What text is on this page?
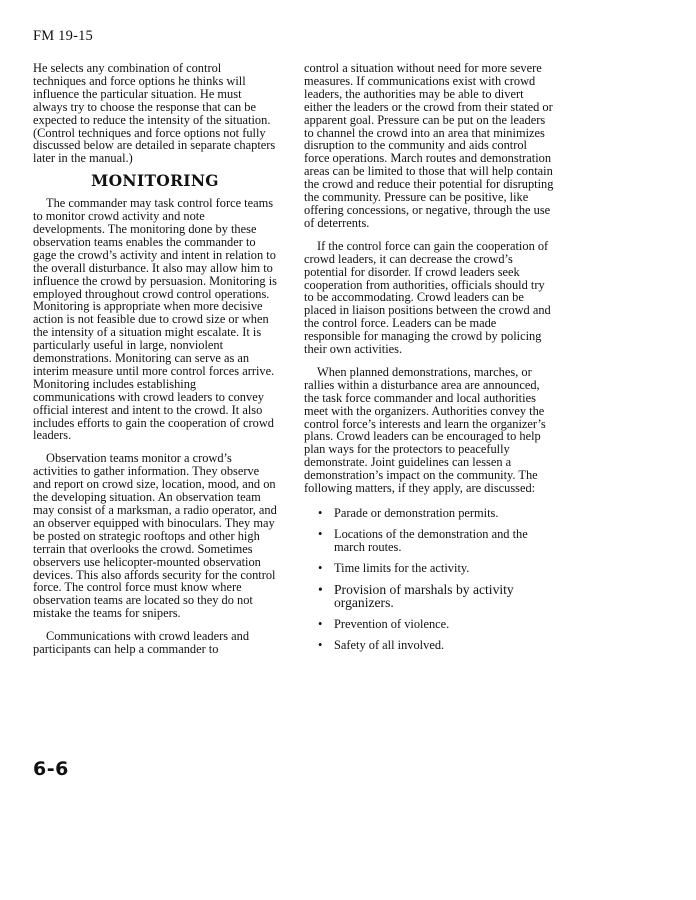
FM 19-15

He selects any combination of control techniques and force options he thinks will influence the particular situation. He must always try to choose the response that can be expected to reduce the intensity of the situation. (Control techniques and force options not fully discussed below are detailed in separate chapters later in the manual.)

MONITORING

The commander may task control force teams to monitor crowd activity and note developments. The monitoring done by these observation teams enables the commander to gage the crowd’s activity and intent in relation to the overall disturbance. It also may allow him to influence the crowd by persuasion. Monitoring is employed throughout crowd control operations. Monitoring is appropriate when more decisive action is not feasible due to crowd size or when the intensity of a situation might escalate. It is particularly useful in large, nonviolent demonstrations. Monitoring can serve as an interim measure until more control forces arrive. Monitoring includes establishing communications with crowd leaders to convey official interest and intent to the crowd. It also includes efforts to gain the cooperation of crowd leaders.

Observation teams monitor a crowd’s activities to gather information. They observe and report on crowd size, location, mood, and on the developing situation. An observation team may consist of a marksman, a radio operator, and an observer equipped with binoculars. They may be posted on strategic rooftops and other high terrain that overlooks the crowd. Sometimes observers use helicopter-mounted observation devices. This also affords security for the control force. The control force must know where observation teams are located so they do not mistake the teams for snipers.

Communications with crowd leaders and participants can help a commander to

control a situation without need for more severe measures. If communications exist with crowd leaders, the authorities may be able to divert either the leaders or the crowd from their stated or apparent goal. Pressure can be put on the leaders to channel the crowd into an area that minimizes disruption to the community and aids control force operations. March routes and demonstration areas can be limited to those that will help contain the crowd and reduce their potential for disrupting the community. Pressure can be positive, like offering concessions, or negative, through the use of deterrents.

If the control force can gain the cooperation of crowd leaders, it can decrease the crowd’s potential for disorder. If crowd leaders seek cooperation from authorities, officials should try to be accommodating. Crowd leaders can be placed in liaison positions between the crowd and the control force. Leaders can be made responsible for managing the crowd by policing their own activities.

When planned demonstrations, marches, or rallies within a disturbance area are announced, the task force commander and local authorities meet with the organizers. Authorities convey the control force’s interests and learn the organizer’s plans. Crowd leaders can be encouraged to help plan ways for the protectors to peacefully demonstrate. Joint guidelines can lessen a demonstration’s impact on the community. The following matters, if they apply, are discussed:

• Parade or demonstration permits.
• Locations of the demonstration and the march routes.
• Time limits for the activity.
• Provision of marshals by activity organizers.
• Prevention of violence.
• Safety of all involved.
6-6
